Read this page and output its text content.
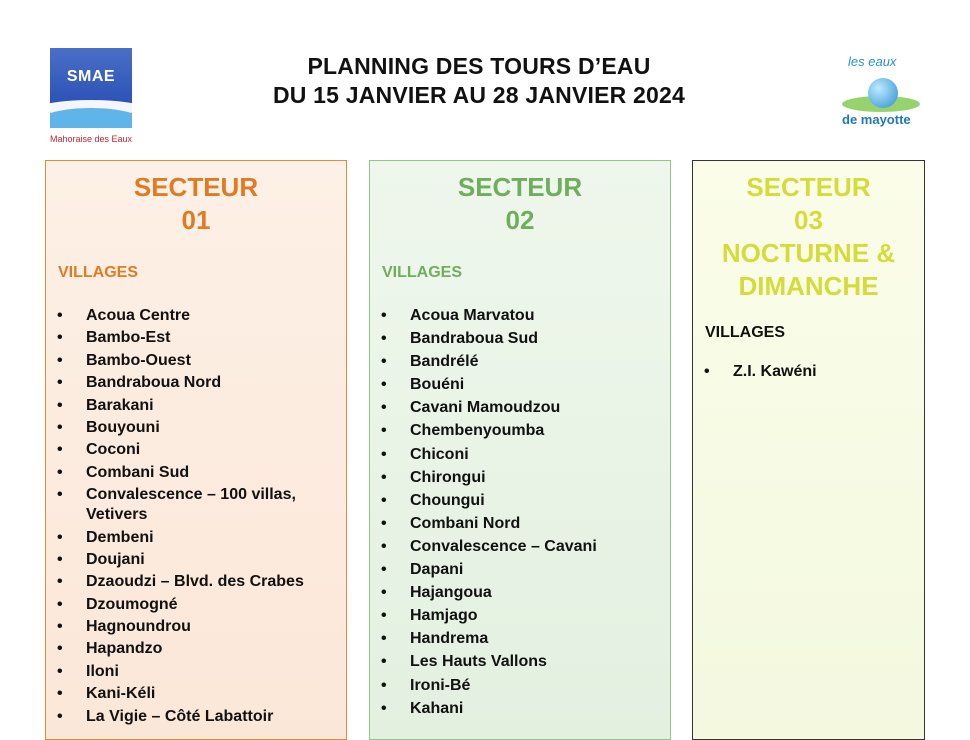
PLANNING DES TOURS D’EAU
DU 15 JANVIER AU 28 JANVIER 2024
SMAE
Mahoraise des Eaux
les eaux
de mayotte
SECTEUR
01
VILLAGES
• Acoua Centre
• Bambo-Est
• Bambo-Ouest
• Bandraboua Nord
• Barakani
• Bouyouni
• Coconi
• Combani Sud
• Convalescence – 100 villas, Vetivers
• Dembeni
• Doujani
• Dzaoudzi – Blvd. des Crabes
• Dzoumogné
• Hagnoundrou
• Hapandzo
• Iloni
• Kani-Kéli
• La Vigie – Côté Labattoir
SECTEUR
02
VILLAGES
• Acoua Marvatou
• Bandraboua Sud
• Bandrélé
• Bouéni
• Cavani Mamoudzou
• Chembenyoumba
• Chiconi
• Chirongui
• Choungui
• Combani Nord
• Convalescence – Cavani
• Dapani
• Hajangoua
• Hamjago
• Handrema
• Les Hauts Vallons
• Ironi-Bé
• Kahani
SECTEUR
03
NOCTURNE &
DIMANCHE
VILLAGES
• Z.I. Kawéni
